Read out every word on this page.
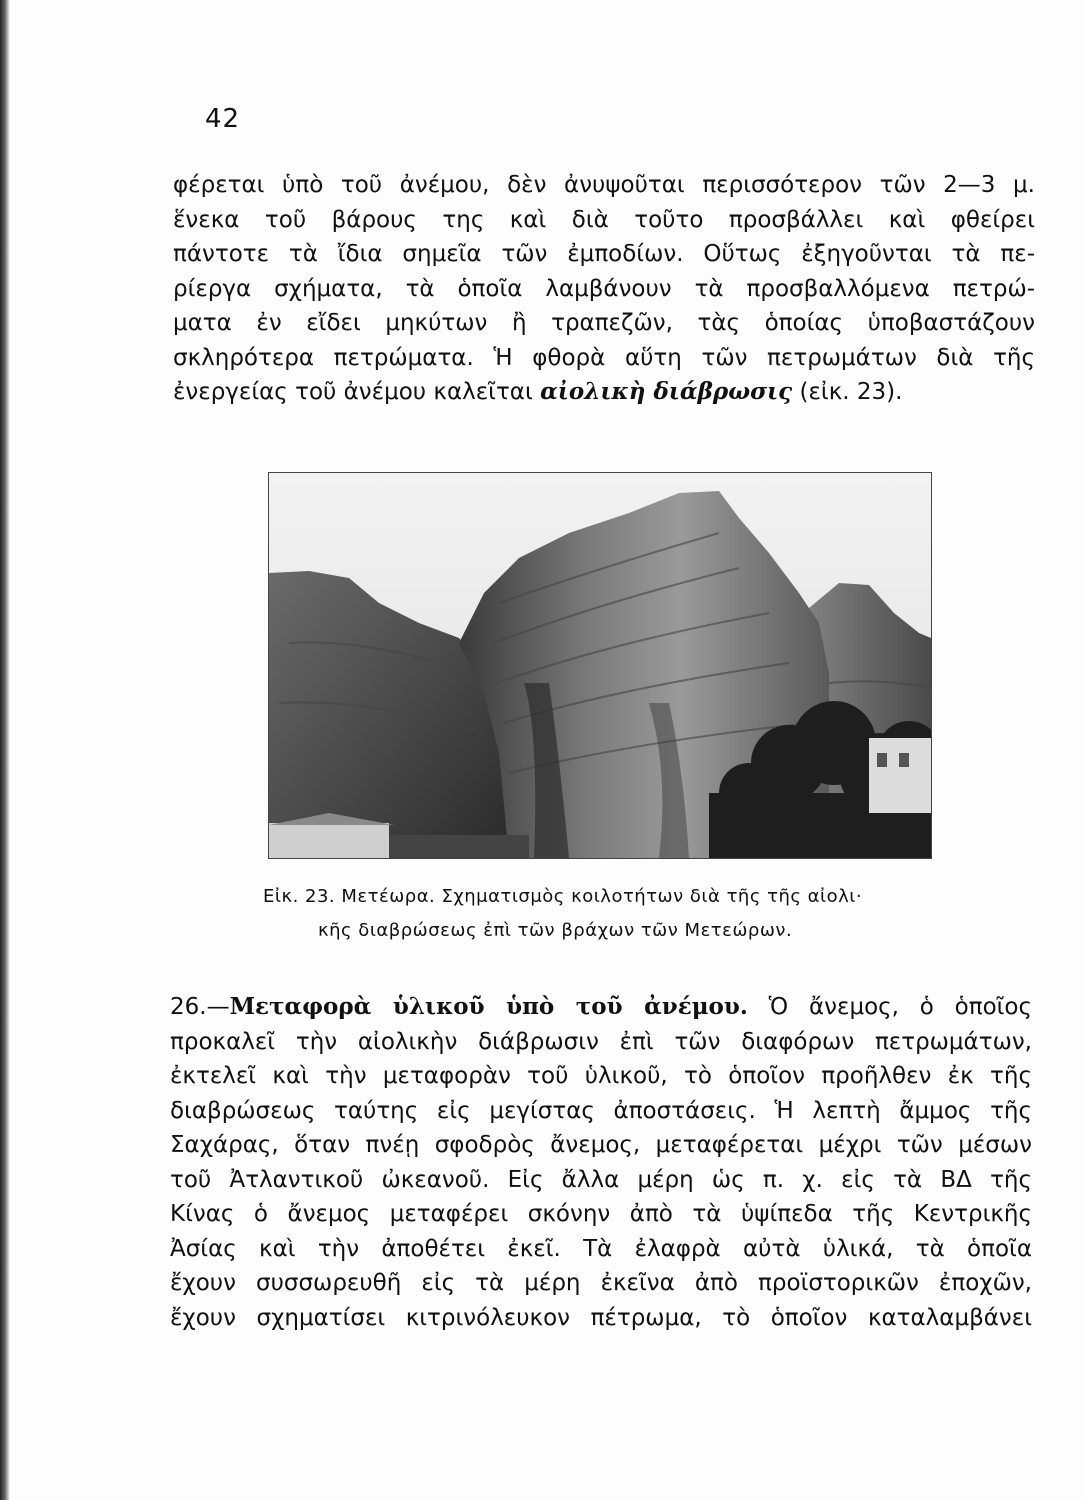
42
φέρεται ὑπὸ τοῦ ἀνέμου, δὲν ἀνυψοῦται περισσότερον τῶν 2—3 μ.
ἕνεκα τοῦ βάρους της καὶ διὰ τοῦτο προσβάλλει καὶ φθείρει
πάντοτε τὰ ἴδια σημεῖα τῶν ἐμποδίων. Οὕτως ἐξηγοῦνται τὰ πε-
ρίεργα σχήματα, τὰ ὁποῖα λαμβάνουν τὰ προσβαλλόμενα πετρώ-
ματα ἐν εἴδει μηκύτων ἢ τραπεζῶν, τὰς ὁποίας ὑποβαστάζουν
σκληρότερα πετρώματα. Ἡ φθορὰ αὕτη τῶν πετρωμάτων διὰ τῆς
ἐνεργείας τοῦ ἀνέμου καλεῖται αἰολικὴ διάβρωσις (εἰκ. 23).
Εἰκ. 23. Μετέωρα. Σχηματισμὸς κοιλοτήτων διὰ τῆς τῆς αἰολι·
κῆς διαβρώσεως ἐπὶ τῶν βράχων τῶν Μετεώρων.
26.—Μεταφορὰ ὑλικοῦ ὑπὸ τοῦ ἀνέμου. Ὁ ἄνεμος, ὁ ὁποῖος
προκαλεῖ τὴν αἰολικὴν διάβρωσιν ἐπὶ τῶν διαφόρων πετρωμάτων,
ἐκτελεῖ καὶ τὴν μεταφορὰν τοῦ ὑλικοῦ, τὸ ὁποῖον προῆλθεν ἐκ τῆς
διαβρώσεως ταύτης εἰς μεγίστας ἀποστάσεις. Ἡ λεπτὴ ἄμμος τῆς
Σαχάρας, ὅταν πνέῃ σφοδρὸς ἄνεμος, μεταφέρεται μέχρι τῶν μέσων
τοῦ Ἀτλαντικοῦ ὠκεανοῦ. Εἰς ἄλλα μέρη ὡς π. χ. εἰς τὰ ΒΔ τῆς
Κίνας ὁ ἄνεμος μεταφέρει σκόνην ἀπὸ τὰ ὑψίπεδα τῆς Κεντρικῆς
Ἀσίας καὶ τὴν ἀποθέτει ἐκεῖ. Τὰ ἐλαφρὰ αὐτὰ ὑλικά, τὰ ὁποῖα
ἔχουν συσσωρευθῆ εἰς τὰ μέρη ἐκεῖνα ἀπὸ προϊστορικῶν ἐποχῶν,
ἔχουν σχηματίσει κιτρινόλευκον πέτρωμα, τὸ ὁποῖον καταλαμβάνει
